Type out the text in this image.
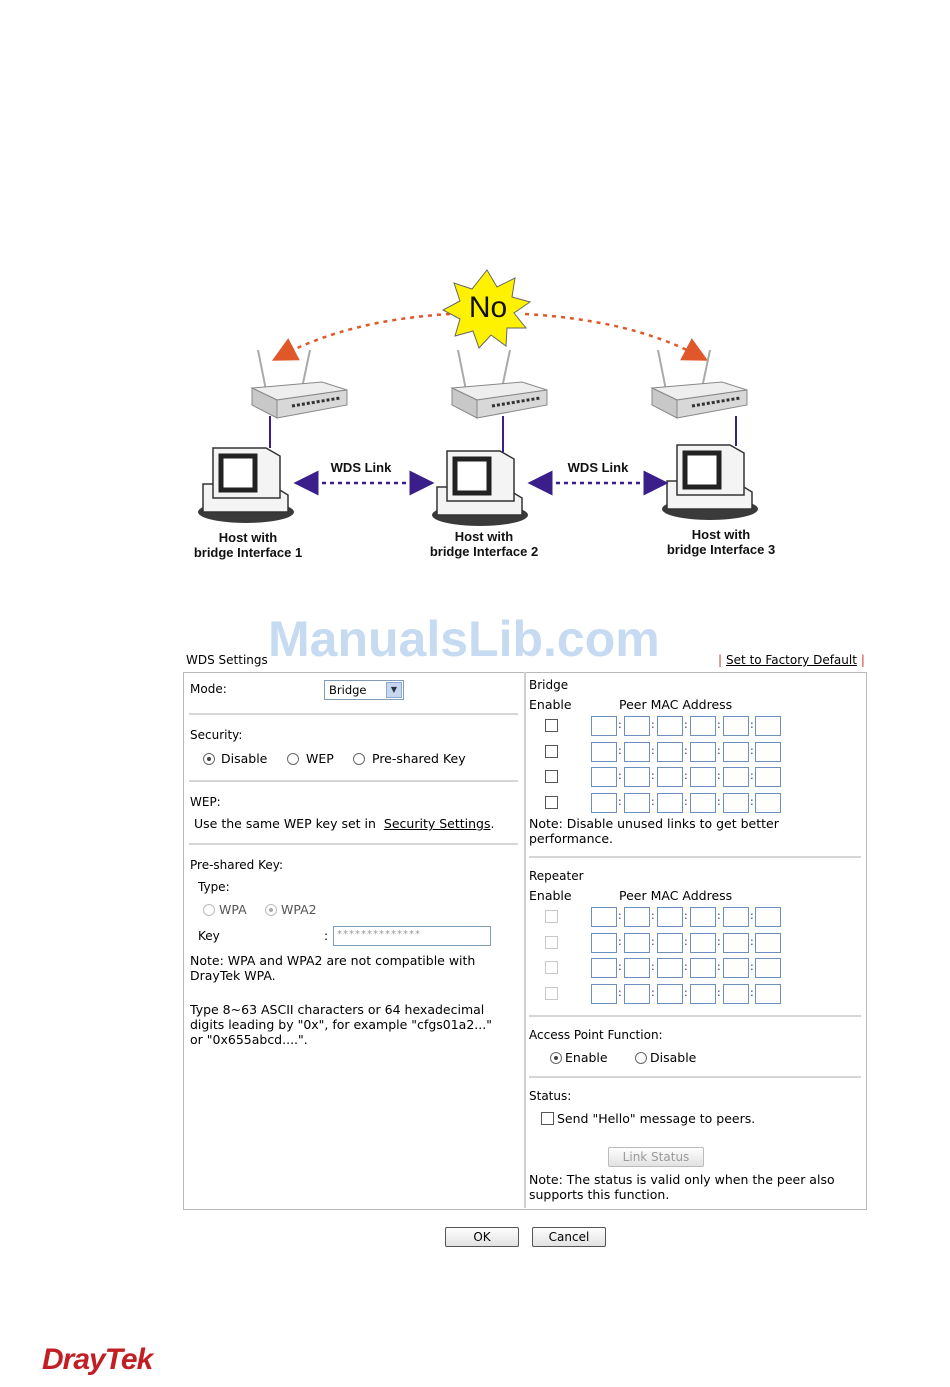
No
WDS Link	WDS Link
Host with
bridge Interface 1
Host with
bridge Interface 2
Host with
bridge Interface 3
ManualsLib.com
WDS Settings	| Set to Factory Default |
Mode:	Bridge	▼
Security:
Disable	WEP	Pre-shared Key
WEP:
Use the same WEP key set in Security Settings.
Pre-shared Key:
Type:
WPA	WPA2
Key	: **************
Note: WPA and WPA2 are not compatible with
DrayTek WPA.
Type 8~63 ASCII characters or 64 hexadecimal
digits leading by "0x", for example "cfgs01a2..."
or "0x655abcd....".
Bridge
Enable	Peer MAC Address
:	:	:	:	:
:	:	:	:	:
:	:	:	:	:
:	:	:	:	:
Note: Disable unused links to get better
performance.
Repeater
Enable	Peer MAC Address
:	:	:	:	:
:	:	:	:	:
:	:	:	:	:
:	:	:	:	:
Access Point Function:
Enable	Disable
Status:
Send "Hello" message to peers.
Link Status
Note: The status is valid only when the peer also
supports this function.
OK	Cancel
DrayTek
